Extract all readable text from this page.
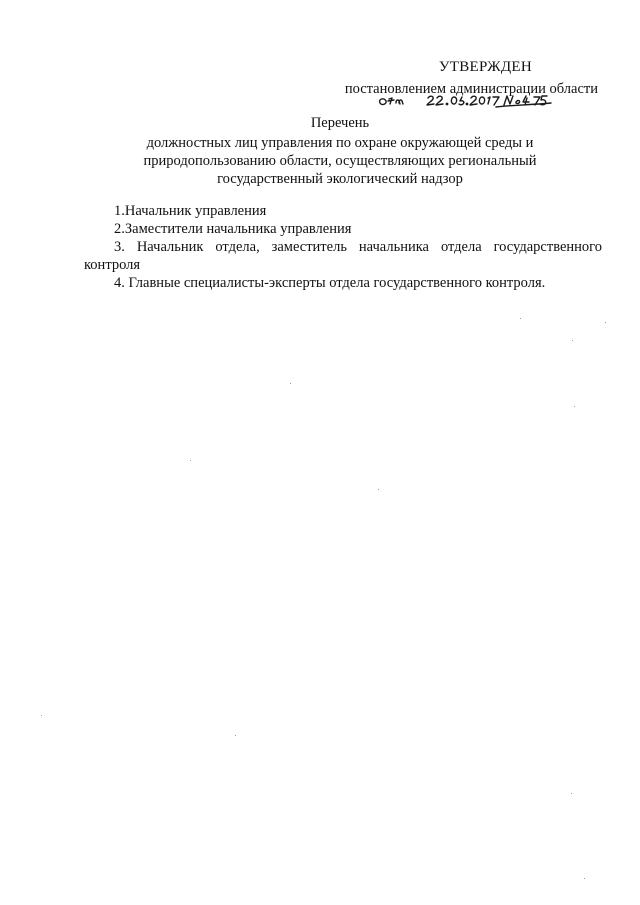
УТВЕРЖДЕН
постановлением администрации области
Перечень
должностных лиц управления по охране окружающей среды и
природопользованию области, осуществляющих региональный
государственный экологический надзор

1.Начальник управления

2.Заместители начальника управления

3. Начальник отдела, заместитель начальника отдела государственного контроля

4. Главные специалисты-эксперты отдела государственного контроля.
